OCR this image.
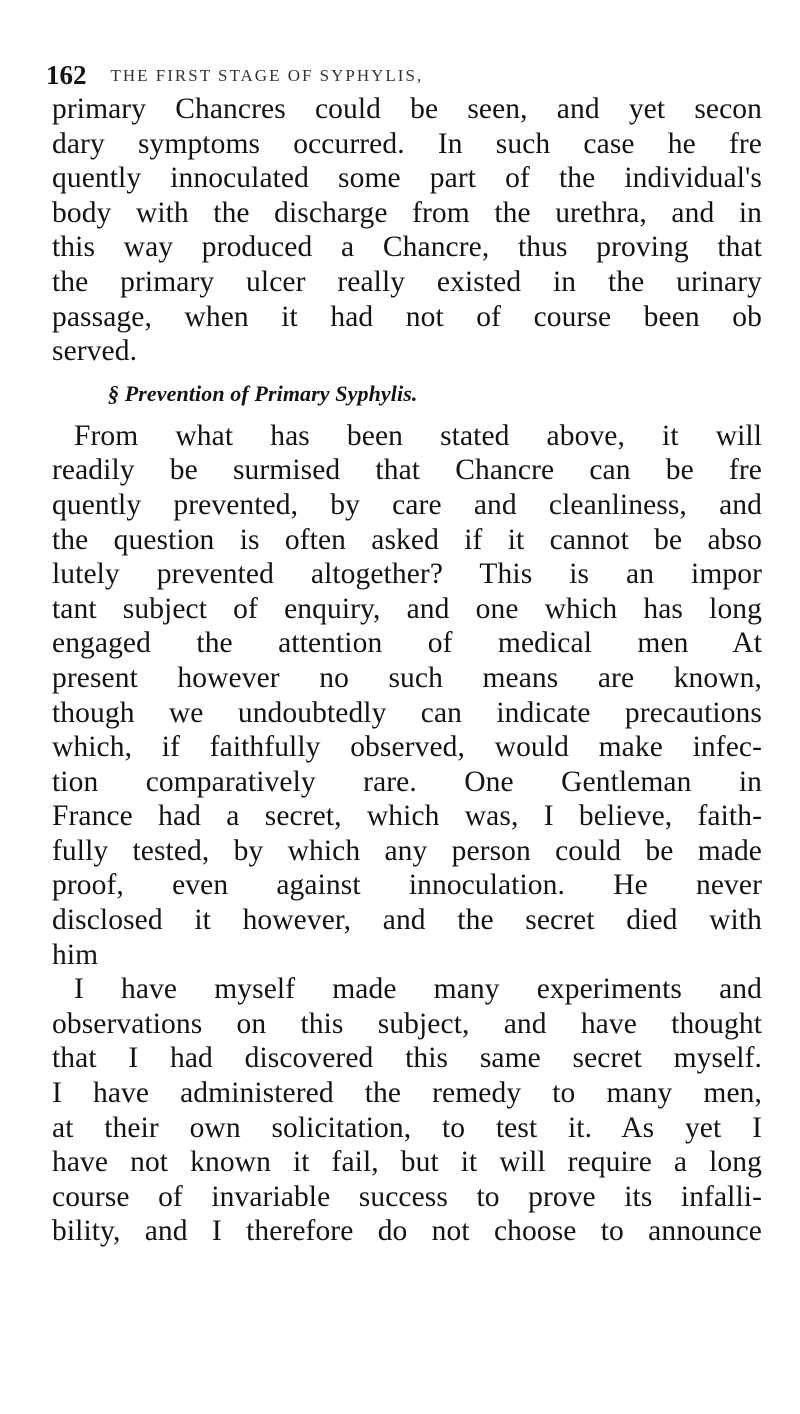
162 THE FIRST STAGE OF SYPHYLIS,
primary Chancres could be seen, and yet secon
dary symptoms occurred. In such case he fre
quently innoculated some part of the individual's
body with the discharge from the urethra, and in
this way produced a Chancre, thus proving that
the primary ulcer really existed in the urinary
passage, when it had not of course been ob
served.
§ Prevention of Primary Syphylis.
From what has been stated above, it will
readily be surmised that Chancre can be fre
quently prevented, by care and cleanliness, and
the question is often asked if it cannot be abso
lutely prevented altogether? This is an impor
tant subject of enquiry, and one which has long
engaged the attention of medical men At
present however no such means are known,
though we undoubtedly can indicate precautions
which, if faithfully observed, would make infec-
tion comparatively rare. One Gentleman in
France had a secret, which was, I believe, faith-
fully tested, by which any person could be made
proof, even against innoculation. He never
disclosed it however, and the secret died with
him
I have myself made many experiments and
observations on this subject, and have thought
that I had discovered this same secret myself.
I have administered the remedy to many men,
at their own solicitation, to test it. As yet I
have not known it fail, but it will require a long
course of invariable success to prove its infalli-
bility, and I therefore do not choose to announce
